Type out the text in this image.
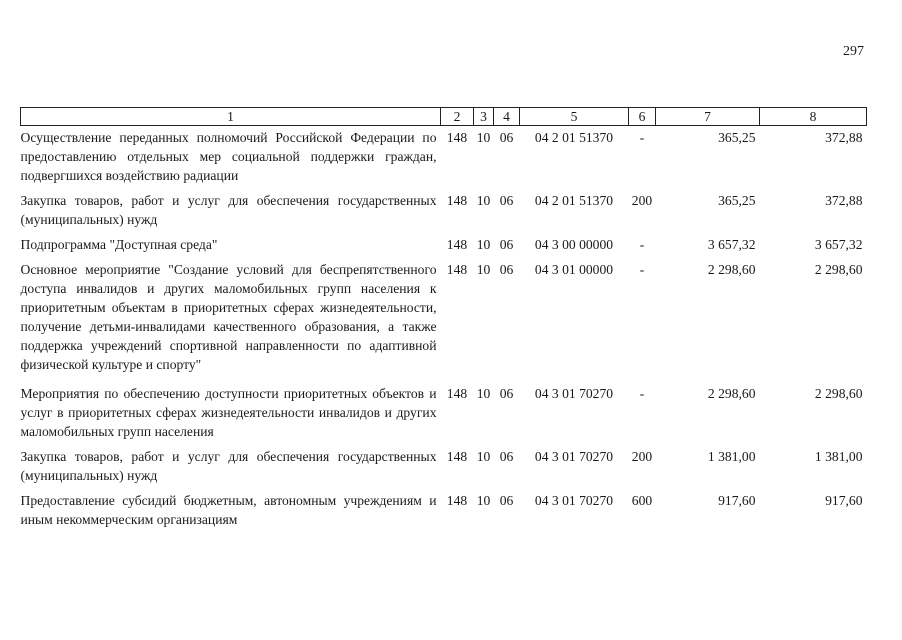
297
1	2	3	4	5	6	7	8
Осуществление переданных полномочий Российской Федерации по предоставлению отдельных мер социальной поддержки граждан, подвергшихся воздействию радиации	148	10	06	04 2 01 51370	-	365,25	372,88
Закупка товаров, работ и услуг для обеспечения государственных (муниципальных) нужд	148	10	06	04 2 01 51370	200	365,25	372,88
Подпрограмма "Доступная среда"	148	10	06	04 3 00 00000	-	3 657,32	3 657,32
Основное мероприятие "Создание условий для беспрепятственного доступа инвалидов и других маломобильных групп населения к приоритетным объектам в приоритетных сферах жизнедеятельности, получение детьми-инвалидами качественного образования, а также поддержка учреждений спортивной направленности по адаптивной физической культуре и спорту"	148	10	06	04 3 01 00000	-	2 298,60	2 298,60
Мероприятия по обеспечению доступности приоритетных объектов и услуг в приоритетных сферах жизнедеятельности инвалидов и других маломобильных групп населения	148	10	06	04 3 01 70270	-	2 298,60	2 298,60
Закупка товаров, работ и услуг для обеспечения государственных (муниципальных) нужд	148	10	06	04 3 01 70270	200	1 381,00	1 381,00
Предоставление субсидий бюджетным, автономным учреждениям и иным некоммерческим организациям	148	10	06	04 3 01 70270	600	917,60	917,60
